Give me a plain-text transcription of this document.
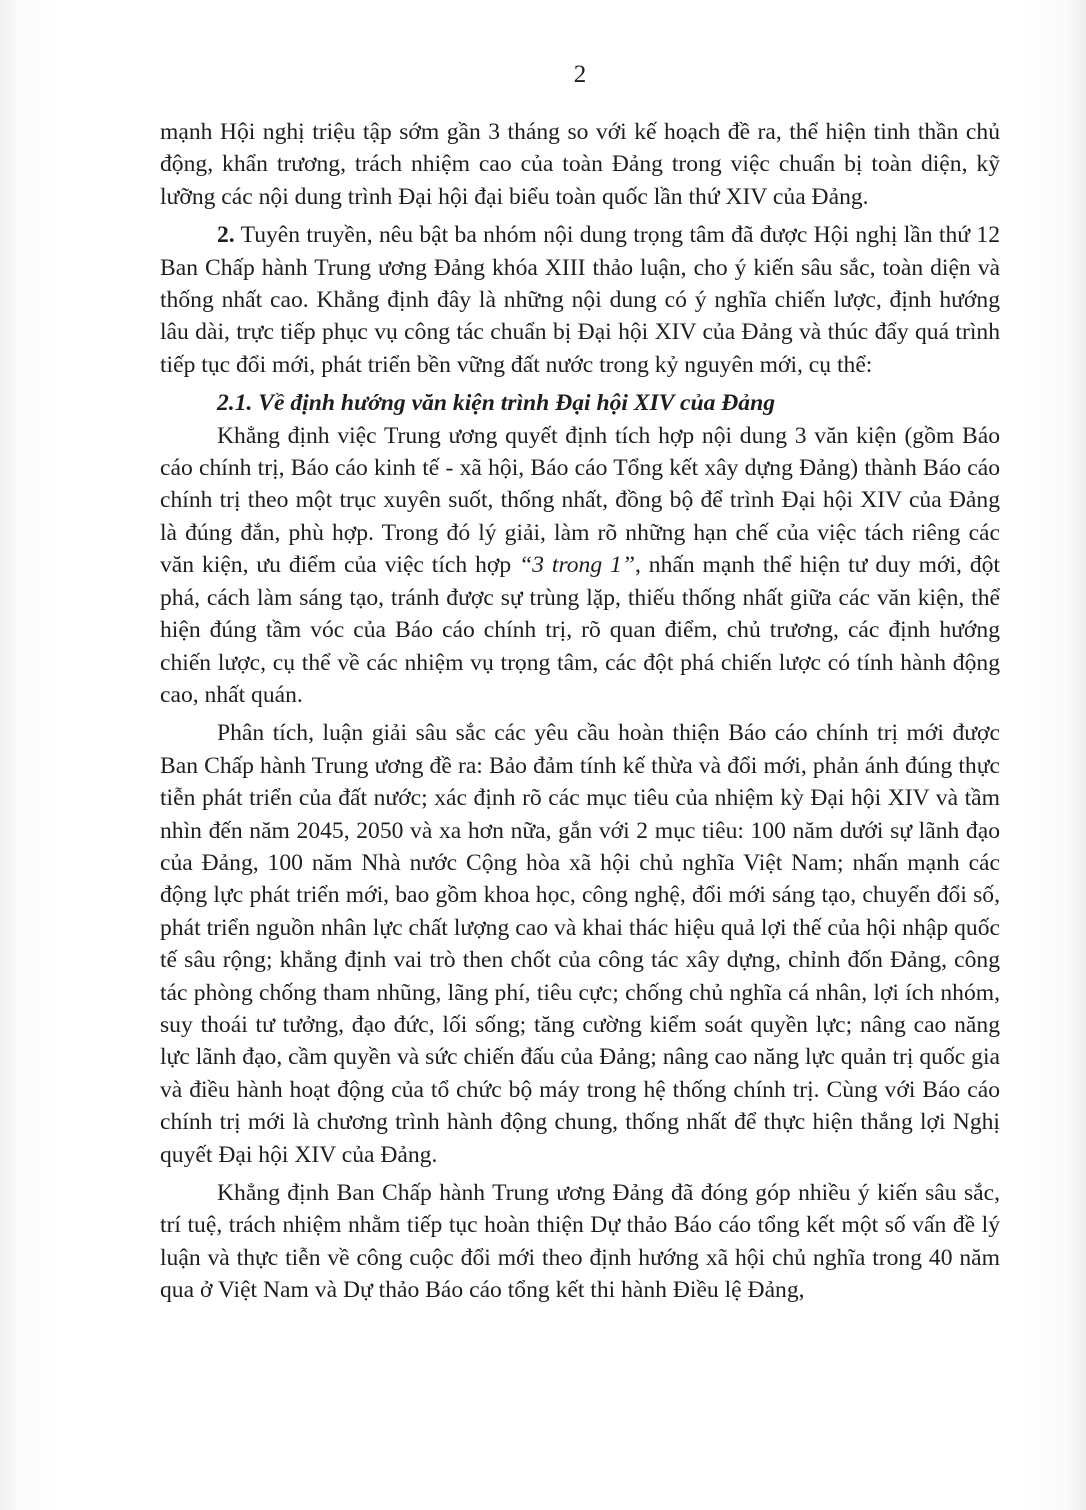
2

mạnh Hội nghị triệu tập sớm gần 3 tháng so với kế hoạch đề ra, thể hiện tinh thần chủ động, khẩn trương, trách nhiệm cao của toàn Đảng trong việc chuẩn bị toàn diện, kỹ lưỡng các nội dung trình Đại hội đại biểu toàn quốc lần thứ XIV của Đảng.

2. Tuyên truyền, nêu bật ba nhóm nội dung trọng tâm đã được Hội nghị lần thứ 12 Ban Chấp hành Trung ương Đảng khóa XIII thảo luận, cho ý kiến sâu sắc, toàn diện và thống nhất cao. Khẳng định đây là những nội dung có ý nghĩa chiến lược, định hướng lâu dài, trực tiếp phục vụ công tác chuẩn bị Đại hội XIV của Đảng và thúc đẩy quá trình tiếp tục đổi mới, phát triển bền vững đất nước trong kỷ nguyên mới, cụ thể:

2.1. Về định hướng văn kiện trình Đại hội XIV của Đảng

Khẳng định việc Trung ương quyết định tích hợp nội dung 3 văn kiện (gồm Báo cáo chính trị, Báo cáo kinh tế - xã hội, Báo cáo Tổng kết xây dựng Đảng) thành Báo cáo chính trị theo một trục xuyên suốt, thống nhất, đồng bộ để trình Đại hội XIV của Đảng là đúng đắn, phù hợp. Trong đó lý giải, làm rõ những hạn chế của việc tách riêng các văn kiện, ưu điểm của việc tích hợp “3 trong 1”, nhấn mạnh thể hiện tư duy mới, đột phá, cách làm sáng tạo, tránh được sự trùng lặp, thiếu thống nhất giữa các văn kiện, thể hiện đúng tầm vóc của Báo cáo chính trị, rõ quan điểm, chủ trương, các định hướng chiến lược, cụ thể về các nhiệm vụ trọng tâm, các đột phá chiến lược có tính hành động cao, nhất quán.

Phân tích, luận giải sâu sắc các yêu cầu hoàn thiện Báo cáo chính trị mới được Ban Chấp hành Trung ương đề ra: Bảo đảm tính kế thừa và đổi mới, phản ánh đúng thực tiễn phát triển của đất nước; xác định rõ các mục tiêu của nhiệm kỳ Đại hội XIV và tầm nhìn đến năm 2045, 2050 và xa hơn nữa, gắn với 2 mục tiêu: 100 năm dưới sự lãnh đạo của Đảng, 100 năm Nhà nước Cộng hòa xã hội chủ nghĩa Việt Nam; nhấn mạnh các động lực phát triển mới, bao gồm khoa học, công nghệ, đổi mới sáng tạo, chuyển đổi số, phát triển nguồn nhân lực chất lượng cao và khai thác hiệu quả lợi thế của hội nhập quốc tế sâu rộng; khẳng định vai trò then chốt của công tác xây dựng, chỉnh đốn Đảng, công tác phòng chống tham nhũng, lãng phí, tiêu cực; chống chủ nghĩa cá nhân, lợi ích nhóm, suy thoái tư tưởng, đạo đức, lối sống; tăng cường kiểm soát quyền lực; nâng cao năng lực lãnh đạo, cầm quyền và sức chiến đấu của Đảng; nâng cao năng lực quản trị quốc gia và điều hành hoạt động của tổ chức bộ máy trong hệ thống chính trị. Cùng với Báo cáo chính trị mới là chương trình hành động chung, thống nhất để thực hiện thắng lợi Nghị quyết Đại hội XIV của Đảng.

Khẳng định Ban Chấp hành Trung ương Đảng đã đóng góp nhiều ý kiến sâu sắc, trí tuệ, trách nhiệm nhằm tiếp tục hoàn thiện Dự thảo Báo cáo tổng kết một số vấn đề lý luận và thực tiễn về công cuộc đổi mới theo định hướng xã hội chủ nghĩa trong 40 năm qua ở Việt Nam và Dự thảo Báo cáo tổng kết thi hành Điều lệ Đảng,
